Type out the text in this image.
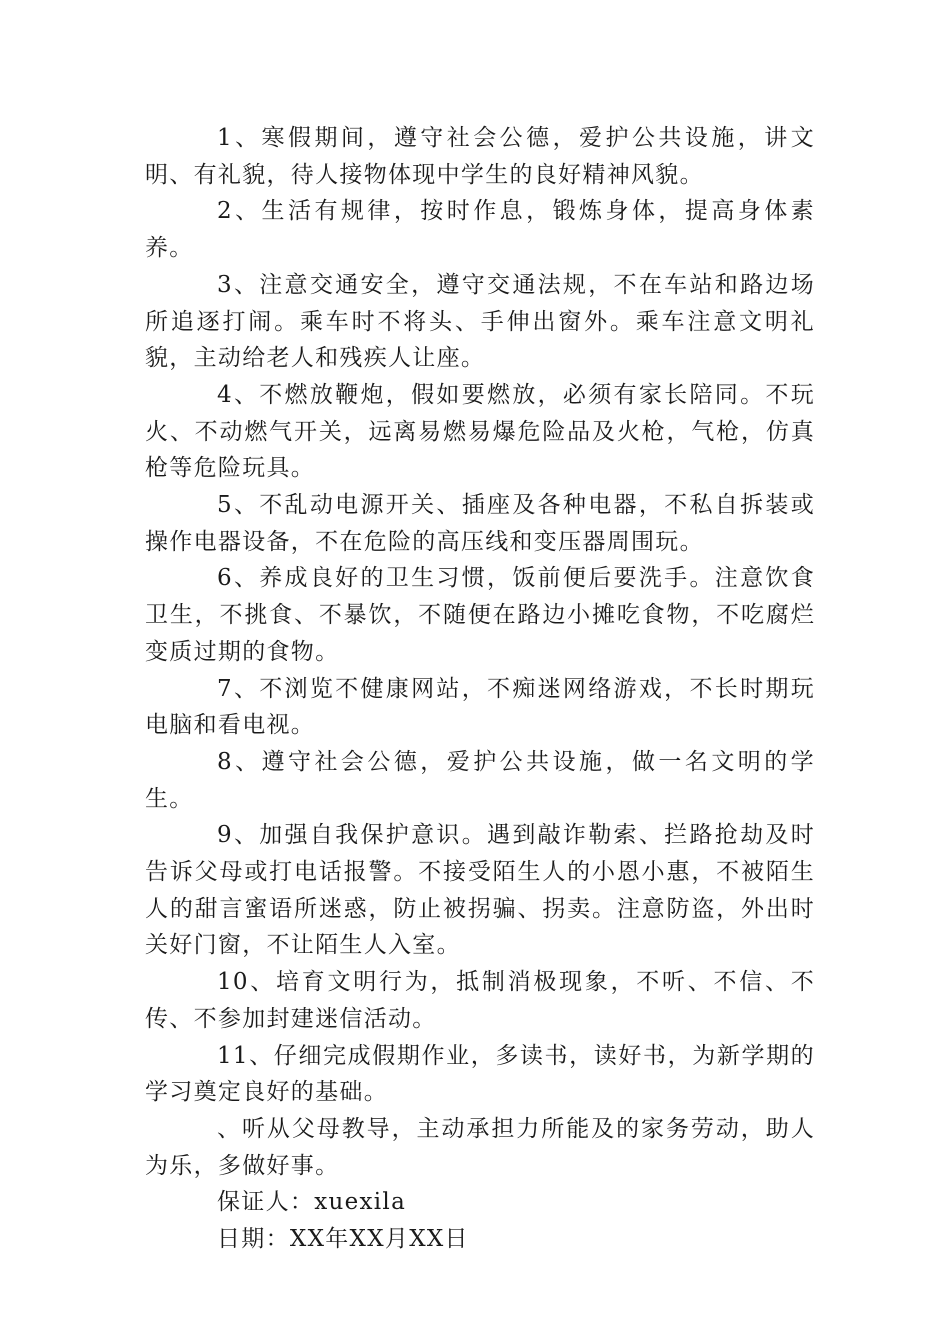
1、寒假期间，遵守社会公德，爱护公共设施，讲文明、有礼貌，待人接物体现中学生的良好精神风貌。

2、生活有规律，按时作息，锻炼身体，提高身体素养。

3、注意交通安全，遵守交通法规，不在车站和路边场所追逐打闹。乘车时不将头、手伸出窗外。乘车注意文明礼貌，主动给老人和残疾人让座。

4、不燃放鞭炮，假如要燃放，必须有家长陪同。不玩火、不动燃气开关，远离易燃易爆危险品及火枪，气枪，仿真枪等危险玩具。

5、不乱动电源开关、插座及各种电器，不私自拆装或操作电器设备，不在危险的高压线和变压器周围玩。

6、养成良好的卫生习惯，饭前便后要洗手。注意饮食卫生，不挑食、不暴饮，不随便在路边小摊吃食物，不吃腐烂变质过期的食物。

7、不浏览不健康网站，不痴迷网络游戏，不长时期玩电脑和看电视。

8、遵守社会公德，爱护公共设施，做一名文明的学生。

9、加强自我保护意识。遇到敲诈勒索、拦路抢劫及时告诉父母或打电话报警。不接受陌生人的小恩小惠，不被陌生人的甜言蜜语所迷惑，防止被拐骗、拐卖。注意防盗，外出时关好门窗，不让陌生人入室。

10、培育文明行为，抵制消极现象，不听、不信、不传、不参加封建迷信活动。

11、仔细完成假期作业，多读书，读好书，为新学期的学习奠定良好的基础。

、听从父母教导，主动承担力所能及的家务劳动，助人为乐，多做好事。

保证人：xuexila

日期：XX年XX月XX日
